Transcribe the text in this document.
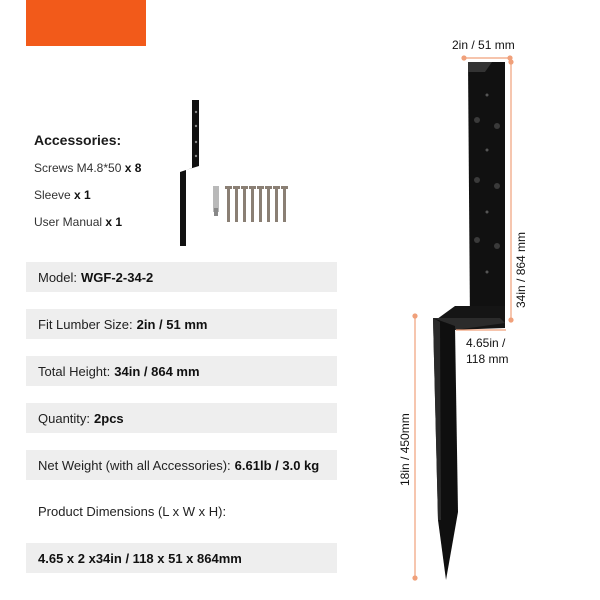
Accessories:
Screws M4.8*50 x 8
Sleeve x 1
User Manual x 1
Model: WGF-2-34-2
Fit Lumber Size: 2in / 51 mm
Total Height: 34in / 864 mm
Quantity: 2pcs
Net Weight (with all Accessories): 6.61lb / 3.0 kg
Product Dimensions (L x W x H):
4.65 x 2 x34in / 118 x 51 x 864mm
2in / 51 mm
34in / 864 mm
4.65in /
118 mm
18in / 450mm
